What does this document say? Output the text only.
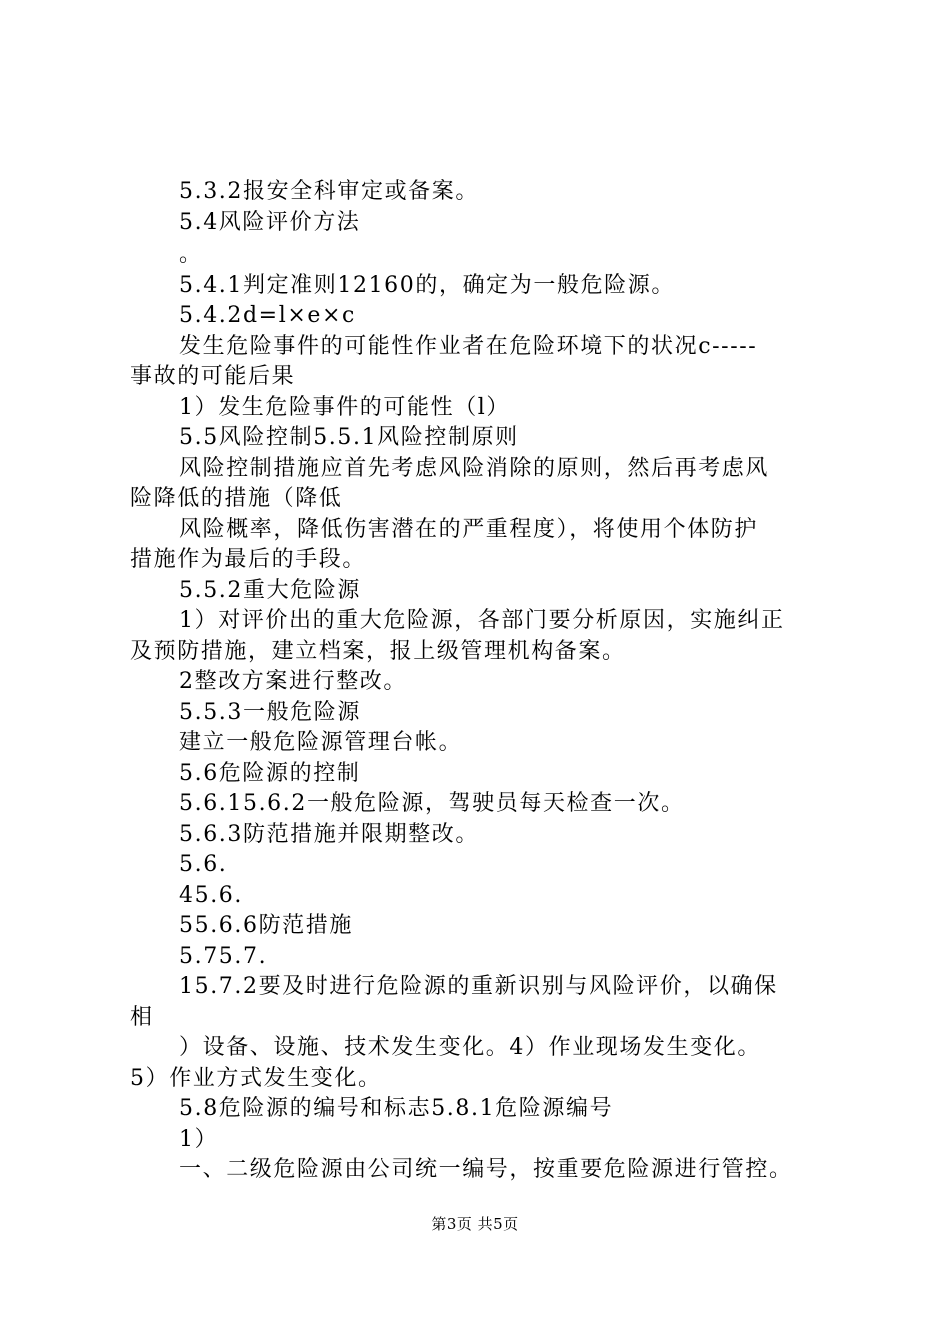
5.3.2报安全科审定或备案。
5.4风险评价方法
。
5.4.1判定准则12160的，确定为一般危险源。
5.4.2d=l×e×c
发生危险事件的可能性作业者在危险环境下的状况c-----
事故的可能后果
1）发生危险事件的可能性（l）
5.5风险控制5.5.1风险控制原则
风险控制措施应首先考虑风险消除的原则，然后再考虑风
险降低的措施（降低
风险概率，降低伤害潜在的严重程度），将使用个体防护
措施作为最后的手段。
5.5.2重大危险源
1）对评价出的重大危险源，各部门要分析原因，实施纠正
及预防措施，建立档案，报上级管理机构备案。
2整改方案进行整改。
5.5.3一般危险源
建立一般危险源管理台帐。
5.6危险源的控制
5.6.15.6.2一般危险源，驾驶员每天检查一次。
5.6.3防范措施并限期整改。
5.6.
45.6.
55.6.6防范措施
5.75.7.
15.7.2要及时进行危险源的重新识别与风险评价，以确保
相
）设备、设施、技术发生变化。4）作业现场发生变化。
5）作业方式发生变化。
5.8危险源的编号和标志5.8.1危险源编号
1）
一、二级危险源由公司统一编号，按重要危险源进行管控。
第3页 共5页
